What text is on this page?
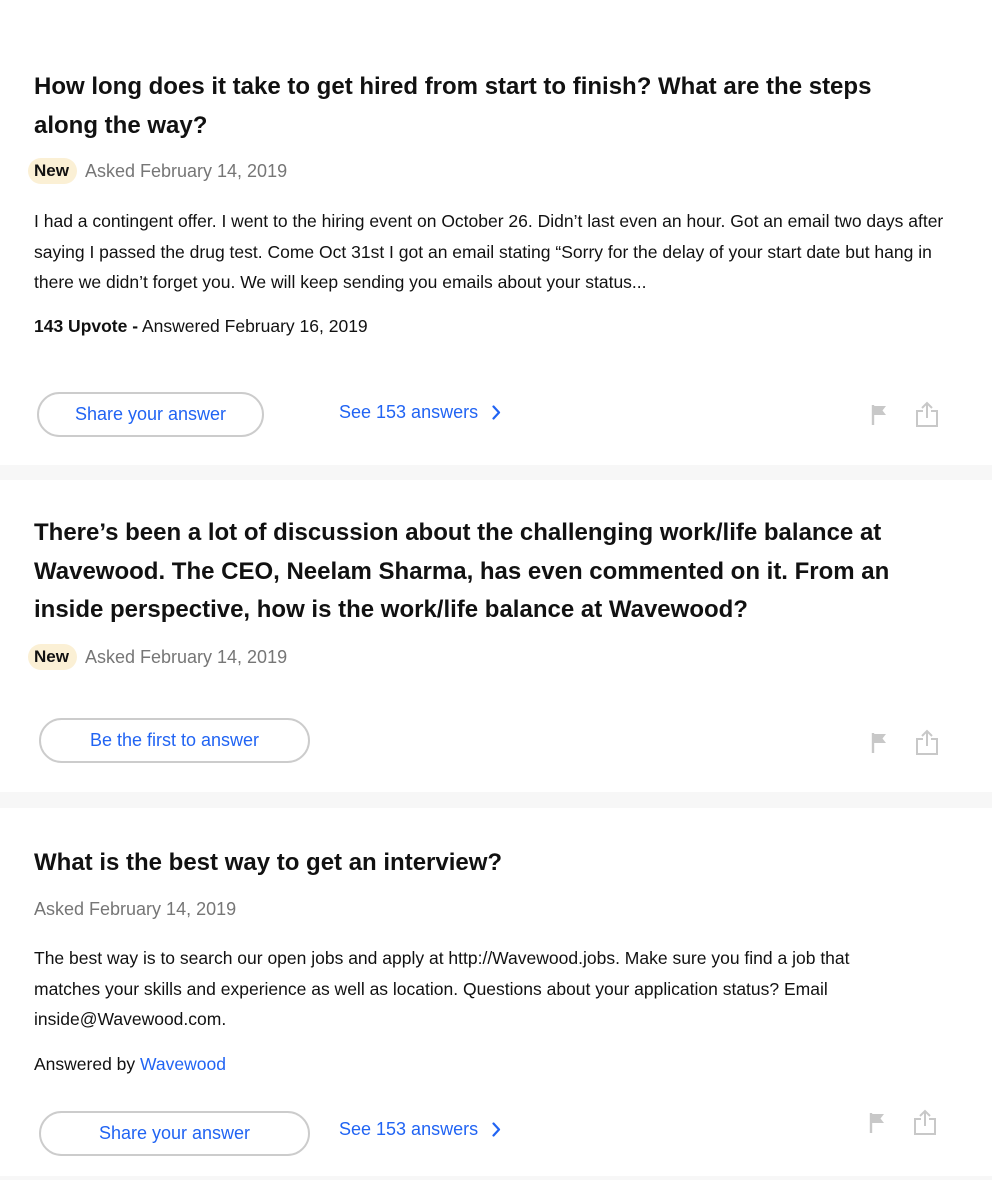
How long does it take to get hired from start to finish? What are the steps along the way?
New Asked February 14, 2019
I had a contingent offer. I went to the hiring event on October 26. Didn’t last even an hour. Got an email two days after saying I passed the drug test. Come Oct 31st I got an email stating “Sorry for the delay of your start date but hang in there we didn’t forget you. We will keep sending you emails about your status...
143 Upvote - Answered February 16, 2019
Share your answer	See 153 answers
There’s been a lot of discussion about the challenging work/life balance at Wavewood. The CEO, Neelam Sharma, has even commented on it. From an inside perspective, how is the work/life balance at Wavewood?
New Asked February 14, 2019
Be the first to answer
What is the best way to get an interview?
Asked February 14, 2019
The best way is to search our open jobs and apply at http://Wavewood.jobs. Make sure you find a job that matches your skills and experience as well as location. Questions about your application status? Email inside@Wavewood.com.
Answered by Wavewood
Share your answer	See 153 answers
